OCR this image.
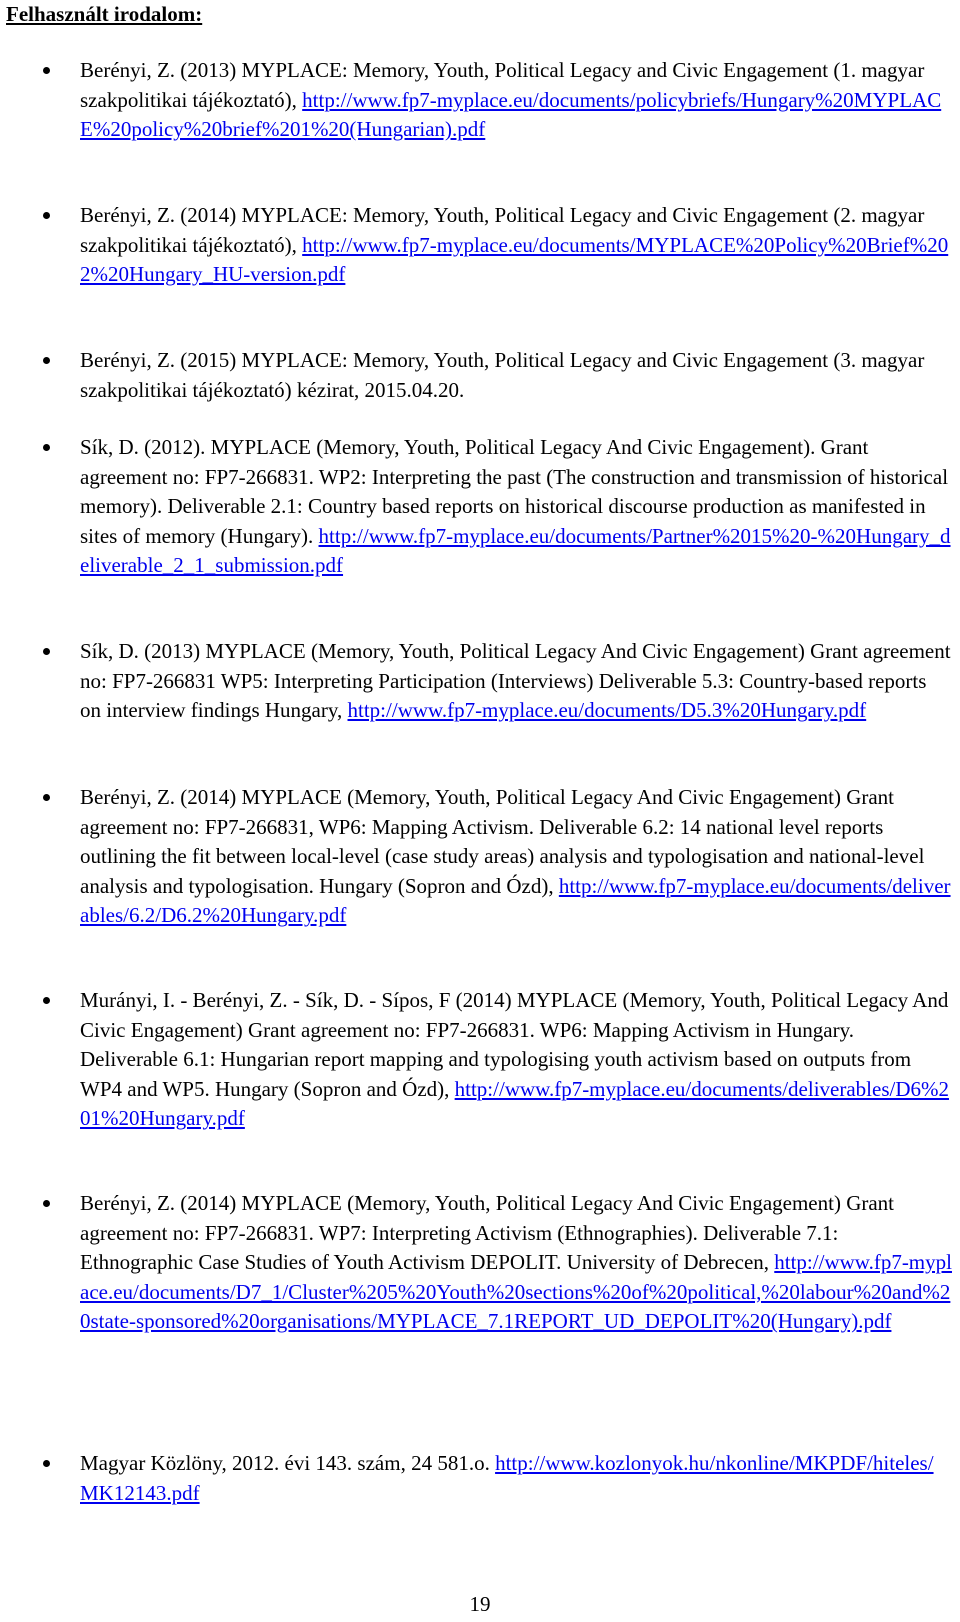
Felhasznált irodalom:
Berényi, Z. (2013) MYPLACE: Memory, Youth, Political Legacy and Civic Engagement (1. magyar szakpolitikai tájékoztató), http://www.fp7-myplace.eu/documents/policybriefs/Hungary%20MYPLACE%20policy%20brief%201%20(Hungarian).pdf
Berényi, Z. (2014) MYPLACE: Memory, Youth, Political Legacy and Civic Engagement (2. magyar szakpolitikai tájékoztató), http://www.fp7-myplace.eu/documents/MYPLACE%20Policy%20Brief%202%20Hungary_HU-version.pdf
Berényi, Z. (2015) MYPLACE: Memory, Youth, Political Legacy and Civic Engagement (3. magyar szakpolitikai tájékoztató) kézirat, 2015.04.20.
Sík, D. (2012). MYPLACE (Memory, Youth, Political Legacy And Civic Engagement). Grant agreement no: FP7-266831. WP2: Interpreting the past (The construction and transmission of historical memory). Deliverable 2.1: Country based reports on historical discourse production as manifested in sites of memory (Hungary). http://www.fp7-myplace.eu/documents/Partner%2015%20-%20Hungary_deliverable_2_1_submission.pdf
Sík, D. (2013) MYPLACE (Memory, Youth, Political Legacy And Civic Engagement) Grant agreement no: FP7-266831 WP5: Interpreting Participation (Interviews) Deliverable 5.3: Country-based reports on interview findings Hungary, http://www.fp7-myplace.eu/documents/D5.3%20Hungary.pdf
Berényi, Z. (2014) MYPLACE (Memory, Youth, Political Legacy And Civic Engagement) Grant agreement no: FP7-266831, WP6: Mapping Activism. Deliverable 6.2: 14 national level reports outlining the fit between local-level (case study areas) analysis and typologisation and national-level analysis and typologisation. Hungary (Sopron and Ózd), http://www.fp7-myplace.eu/documents/deliverables/6.2/D6.2%20Hungary.pdf
Murányi, I. - Berényi, Z. - Sík, D. - Sípos, F (2014) MYPLACE (Memory, Youth, Political Legacy And Civic Engagement) Grant agreement no: FP7-266831. WP6: Mapping Activism in Hungary. Deliverable 6.1: Hungarian report mapping and typologising youth activism based on outputs from WP4 and WP5. Hungary (Sopron and Ózd), http://www.fp7-myplace.eu/documents/deliverables/D6%201%20Hungary.pdf
Berényi, Z. (2014) MYPLACE (Memory, Youth, Political Legacy And Civic Engagement) Grant agreement no: FP7-266831. WP7: Interpreting Activism (Ethnographies). Deliverable 7.1: Ethnographic Case Studies of Youth Activism DEPOLIT. University of Debrecen, http://www.fp7-myplace.eu/documents/D7_1/Cluster%205%20Youth%20sections%20of%20political,%20labour%20and%20state-sponsored%20organisations/MYPLACE_7.1REPORT_UD_DEPOLIT%20(Hungary).pdf
Magyar Közlöny, 2012. évi 143. szám, 24 581.o. http://www.kozlonyok.hu/nkonline/MKPDF/hiteles/MK12143.pdf
19
